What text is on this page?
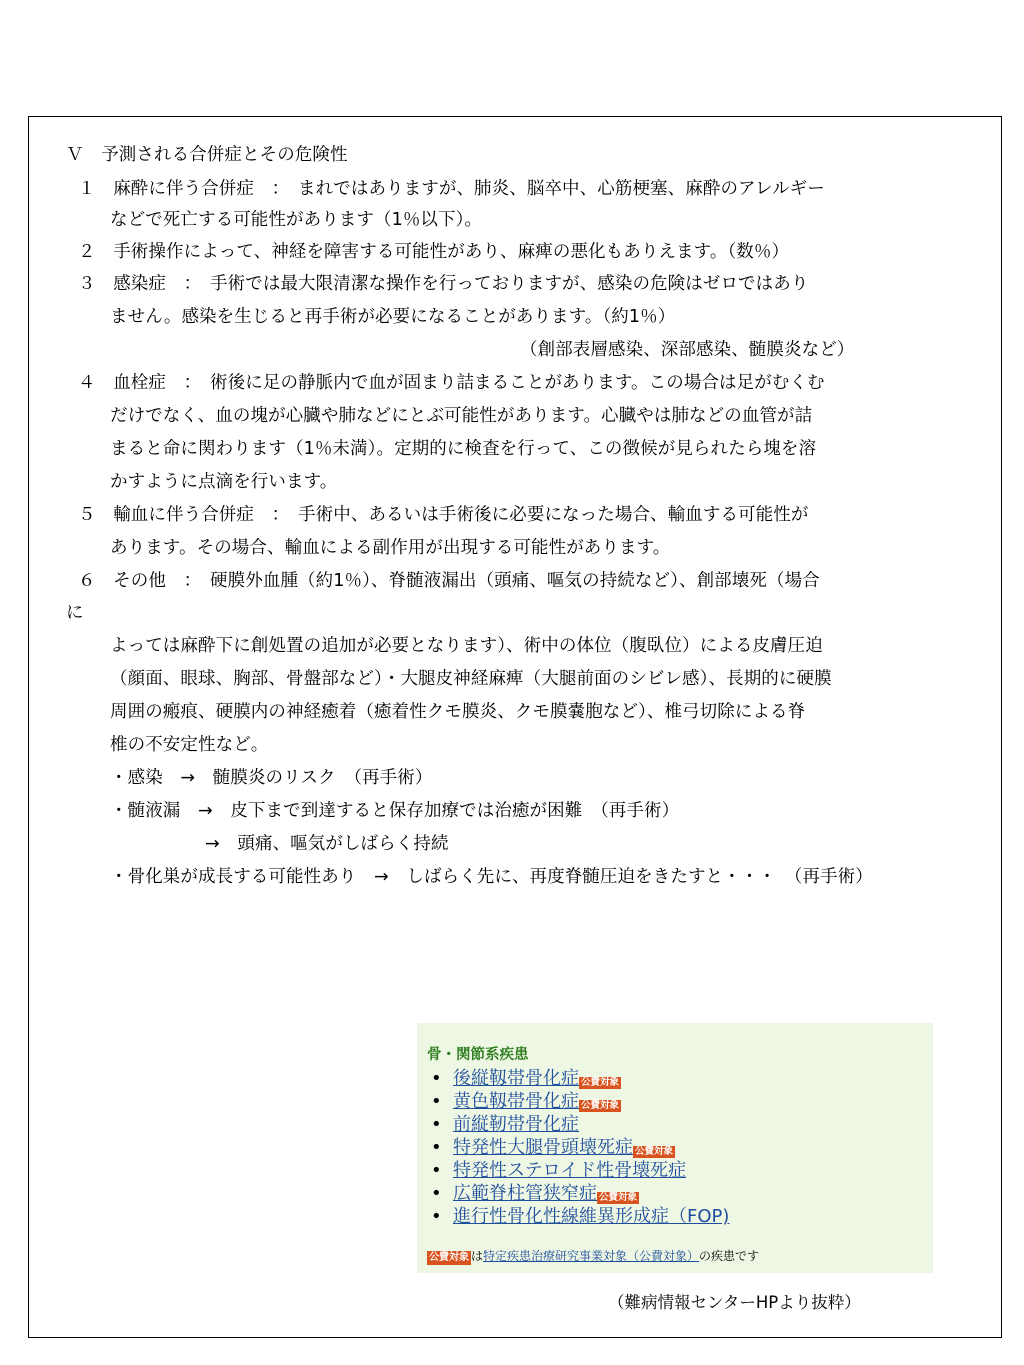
Ｖ　予測される合併症とその危険性
１　麻酔に伴う合併症　：　まれではありますが、肺炎、脳卒中、心筋梗塞、麻酔のアレルギー
などで死亡する可能性があります（1％以下）。
２　手術操作によって、神経を障害する可能性があり、麻痺の悪化もありえます。（数％）
３　感染症　：　手術では最大限清潔な操作を行っておりますが、感染の危険はゼロではあり
ません。感染を生じると再手術が必要になることがあります。（約1％）
（創部表層感染、深部感染、髄膜炎など）
４　血栓症　：　術後に足の静脈内で血が固まり詰まることがあります。この場合は足がむくむ
だけでなく、血の塊が心臓や肺などにとぶ可能性があります。心臓やは肺などの血管が詰
まると命に関わります（1％未満）。定期的に検査を行って、この徴候が見られたら塊を溶
かすように点滴を行います。
５　輸血に伴う合併症　：　手術中、あるいは手術後に必要になった場合、輸血する可能性が
あります。その場合、輸血による副作用が出現する可能性があります。
６　その他　：　硬膜外血腫（約1％）、脊髄液漏出（頭痛、嘔気の持続など）、創部壊死（場合
に
よっては麻酔下に創処置の追加が必要となります）、術中の体位（腹臥位）による皮膚圧迫
（顔面、眼球、胸部、骨盤部など）・大腿皮神経麻痺（大腿前面のシビレ感）、長期的に硬膜
周囲の瘢痕、硬膜内の神経癒着（癒着性クモ膜炎、クモ膜嚢胞など）、椎弓切除による脊
椎の不安定性など。
・感染　→　髄膜炎のリスク　（再手術）
・髄液漏　→　皮下まで到達すると保存加療では治癒が困難　（再手術）
→　頭痛、嘔気がしばらく持続
・骨化巣が成長する可能性あり　→　しばらく先に、再度脊髄圧迫をきたすと・・・　（再手術）
骨・関節系疾患
• 後縦靱帯骨化症 公費対象
• 黄色靱帯骨化症 公費対象
• 前縦靭帯骨化症
• 特発性大腿骨頭壊死症 公費対象
• 特発性ステロイド性骨壊死症
• 広範脊柱管狭窄症 公費対象
• 進行性骨化性線維異形成症（FOP)
公費対象 は特定疾患治療研究事業対象（公費対象）の疾患です
（難病情報センターHPより抜粋）
